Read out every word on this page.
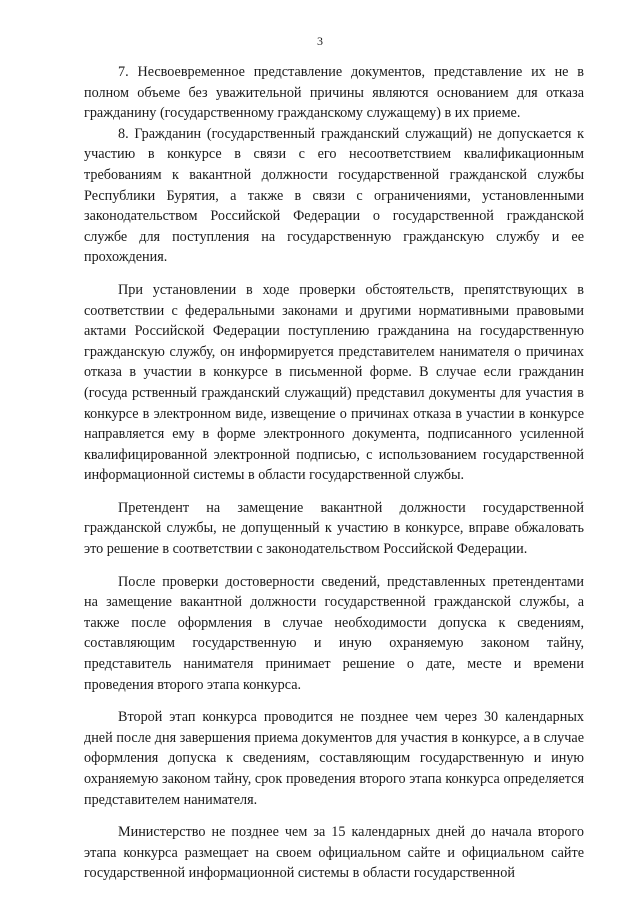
3

7. Несвоевременное представление документов, представление их не в полном объеме без уважительной причины являются основанием для отказа гражданину (государственному гражданскому служащему) в их приеме.

8. Гражданин (государственный гражданский служащий) не допускается к участию в конкурсе в связи с его несоответствием квалификационным требованиям к вакантной должности государственной гражданской службы Республики Бурятия, а также в связи с ограничениями, установленными законодательством Российской Федерации о государственной гражданской службе для поступления на государственную гражданскую службу и ее прохождения.

При установлении в ходе проверки обстоятельств, препятствующих в соответствии с федеральными законами и другими нормативными правовыми актами Российской Федерации поступлению гражданина на государственную гражданскую службу, он информируется представителем нанимателя о причинах отказа в участии в конкурсе в письменной форме. В случае если гражданин (госуда рственный гражданский служащий) представил документы для участия в конкурсе в электронном виде, извещение о причинах отказа в участии в конкурсе направляется ему в форме электронного документа, подписанного усиленной квалифицированной электронной подписью, с использованием государственной информационной системы в области государственной службы.

Претендент на замещение вакантной должности государственной гражданской службы, не допущенный к участию в конкурсе, вправе обжаловать это решение в соответствии с законодательством Российской Федерации.

После проверки достоверности сведений, представленных претендентами на замещение вакантной должности государственной гражданской службы, а также после оформления в случае необходимости допуска к сведениям, составляющим государственную и иную охраняемую законом тайну, представитель нанимателя принимает решение о дате, месте и времени проведения второго этапа конкурса.

Второй этап конкурса проводится не позднее чем через 30 календарных дней после дня завершения приема документов для участия в конкурсе, а в случае оформления допуска к сведениям, составляющим государственную и иную охраняемую законом тайну, срок проведения второго этапа конкурса определяется представителем нанимателя.

Министерство не позднее чем за 15 календарных дней до начала второго этапа конкурса размещает на своем официальном сайте и официальном сайте государственной информационной системы в области государственной
